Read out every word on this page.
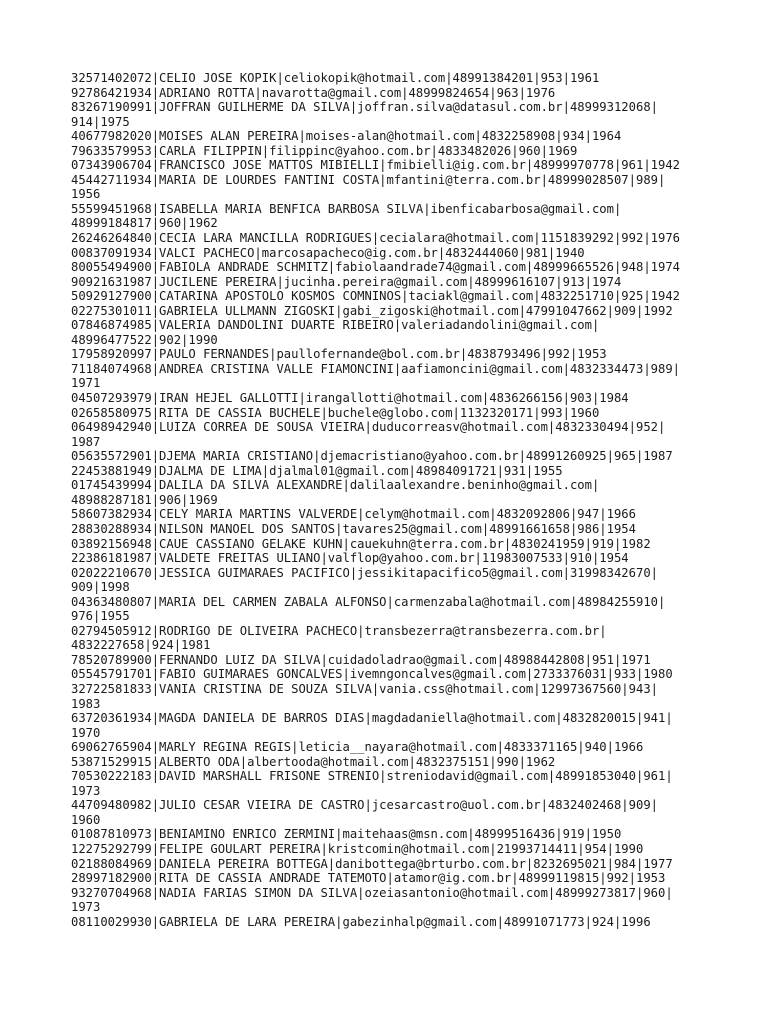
32571402072|CELIO JOSE KOPIK|celiokopik@hotmail.com|48991384201|953|1961
92786421934|ADRIANO ROTTA|navarotta@gmail.com|48999824654|963|1976
83267190991|JOFFRAN GUILHERME DA SILVA|joffran.silva@datasul.com.br|48999312068|
914|1975
40677982020|MOISES ALAN PEREIRA|moises-alan@hotmail.com|4832258908|934|1964
79633579953|CARLA FILIPPIN|filippinc@yahoo.com.br|4833482026|960|1969
07343906704|FRANCISCO JOSE MATTOS MIBIELLI|fmibielli@ig.com.br|48999970778|961|1942
45442711934|MARIA DE LOURDES FANTINI COSTA|mfantini@terra.com.br|48999028507|989|
1956
55599451968|ISABELLA MARIA BENFICA BARBOSA SILVA|ibenficabarbosa@gmail.com|
48999184817|960|1962
26246264840|CECIA LARA MANCILLA RODRIGUES|cecialara@hotmail.com|1151839292|992|1976
00837091934|VALCI PACHECO|marcosapacheco@ig.com.br|4832444060|981|1940
80055494900|FABIOLA ANDRADE SCHMITZ|fabiolaandrade74@gmail.com|48999665526|948|1974
90921631987|JUCILENE PEREIRA|jucinha.pereira@gmail.com|48999616107|913|1974
50929127900|CATARINA APOSTOLO KOSMOS COMNINOS|taciakl@gmail.com|4832251710|925|1942
02275301011|GABRIELA ULLMANN ZIGOSKI|gabi_zigoski@hotmail.com|47991047662|909|1992
07846874985|VALERIA DANDOLINI DUARTE RIBEIRO|valeriadandolini@gmail.com|
48996477522|902|1990
17958920997|PAULO FERNANDES|paullofernande@bol.com.br|4838793496|992|1953
71184074968|ANDREA CRISTINA VALLE FIAMONCINI|aafiamoncini@gmail.com|4832334473|989|
1971
04507293979|IRAN HEJEL GALLOTTI|irangallotti@hotmail.com|4836266156|903|1984
02658580975|RITA DE CASSIA BUCHELE|buchele@globo.com|1132320171|993|1960
06498942940|LUIZA CORREA DE SOUSA VIEIRA|duducorreasv@hotmail.com|4832330494|952|
1987
05635572901|DJEMA MARIA CRISTIANO|djemacristiano@yahoo.com.br|48991260925|965|1987
22453881949|DJALMA DE LIMA|djalmal01@gmail.com|48984091721|931|1955
01745439994|DALILA DA SILVA ALEXANDRE|dalilaalexandre.beninho@gmail.com|
48988287181|906|1969
58607382934|CELY MARIA MARTINS VALVERDE|celym@hotmail.com|4832092806|947|1966
28830288934|NILSON MANOEL DOS SANTOS|tavares25@gmail.com|48991661658|986|1954
03892156948|CAUE CASSIANO GELAKE KUHN|cauekuhn@terra.com.br|4830241959|919|1982
22386181987|VALDETE FREITAS ULIANO|valflop@yahoo.com.br|11983007533|910|1954
02022210670|JESSICA GUIMARAES PACIFICO|jessikitapacifico5@gmail.com|31998342670|
909|1998
04363480807|MARIA DEL CARMEN ZABALA ALFONSO|carmenzabala@hotmail.com|48984255910|
976|1955
02794505912|RODRIGO DE OLIVEIRA PACHECO|transbezerra@transbezerra.com.br|
4832227658|924|1981
78520789900|FERNANDO LUIZ DA SILVA|cuidadoladrao@gmail.com|48988442808|951|1971
05545791701|FABIO GUIMARAES GONCALVES|ivemngoncalves@gmail.com|2733376031|933|1980
32722581833|VANIA CRISTINA DE SOUZA SILVA|vania.css@hotmail.com|12997367560|943|
1983
63720361934|MAGDA DANIELA DE BARROS DIAS|magdadaniella@hotmail.com|4832820015|941|
1970
69062765904|MARLY REGINA REGIS|leticia__nayara@hotmail.com|4833371165|940|1966
53871529915|ALBERTO ODA|albertooda@hotmail.com|4832375151|990|1962
70530222183|DAVID MARSHALL FRISONE STRENIO|streniodavid@gmail.com|48991853040|961|
1973
44709480982|JULIO CESAR VIEIRA DE CASTRO|jcesarcastro@uol.com.br|4832402468|909|
1960
01087810973|BENIAMINO ENRICO ZERMINI|maitehaas@msn.com|48999516436|919|1950
12275292799|FELIPE GOULART PEREIRA|kristcomin@hotmail.com|21993714411|954|1990
02188084969|DANIELA PEREIRA BOTTEGA|danibottega@brturbo.com.br|8232695021|984|1977
28997182900|RITA DE CASSIA ANDRADE TATEMOTO|atamor@ig.com.br|48999119815|992|1953
93270704968|NADIA FARIAS SIMON DA SILVA|ozeiasantonio@hotmail.com|48999273817|960|
1973
08110029930|GABRIELA DE LARA PEREIRA|gabezinhalp@gmail.com|48991071773|924|1996
